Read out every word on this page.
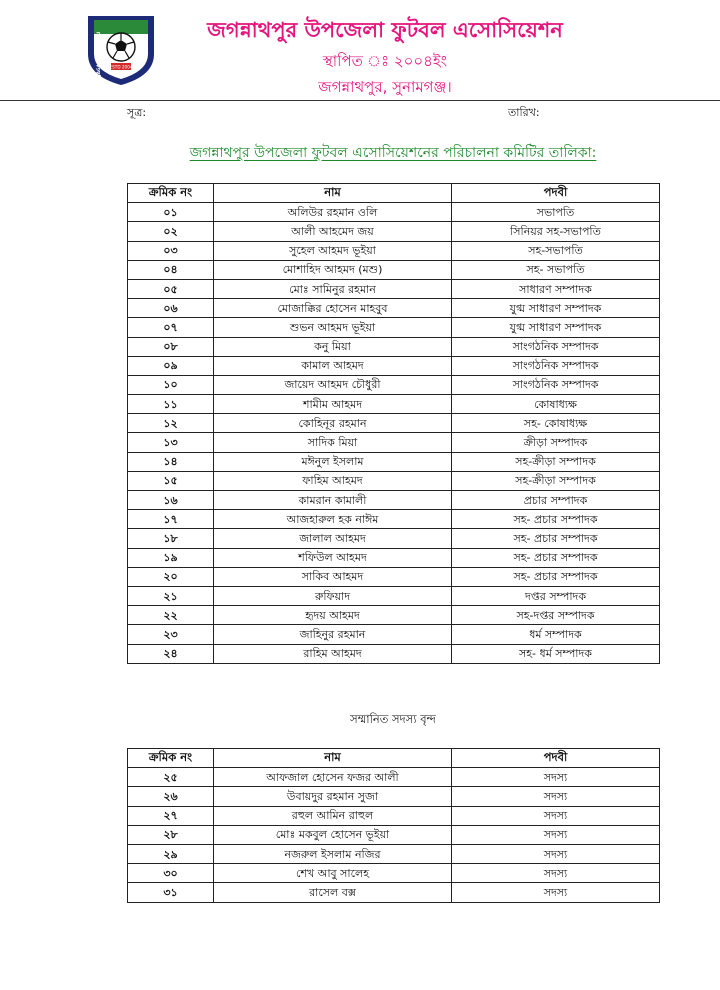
ESTD 2004
JAGANNATHPUR U	জগন্নাথপুর উপজেলা ফুটবল এসোসিয়েশন
স্থাপিত ঃ ২০০৪ইং
জগন্নাথপুর, সুনামগঞ্জ।
সূত্র:	তারিখ:
জগন্নাথপুর উপজেলা ফুটবল এসোসিয়েশনের পরিচালনা কমিটির তালিকা:
ক্রমিক নং	নাম	পদবী
০১	অলিউর রহমান ওলি	সভাপতি
০২	আলী আহমেদ জয়	সিনিয়র সহ-সভাপতি
০৩	সুহেল আহমদ ভূইয়া	সহ-সভাপতি
০৪	মোশাহিদ আহমদ (মশু)	সহ- সভাপতি
০৫	মোঃ সামিনুর রহমান	সাধারণ সম্পাদক
০৬	মোজাক্কির হোসেন মাহবুব	যুগ্ম সাধারণ সম্পাদক
০৭	শুভন আহমদ ভূইয়া	যুগ্ম সাধারণ সম্পাদক
০৮	কনু মিয়া	সাংগঠনিক সম্পাদক
০৯	কামাল আহমদ	সাংগঠনিক সম্পাদক
১০	জায়েদ আহমদ চৌধুরী	সাংগঠনিক সম্পাদক
১১	শামীম আহমদ	কোষাধ্যক্ষ
১২	কোহিনূর রহমান	সহ- কোষাধ্যক্ষ
১৩	সাদিক মিয়া	ক্রীড়া সম্পাদক
১৪	মঈনুল ইসলাম	সহ-ক্রীড়া সম্পাদক
১৫	ফাহিম আহমদ	সহ-ক্রীড়া সম্পাদক
১৬	কামরান কামালী	প্রচার সম্পাদক
১৭	আজহারুল হক নাঈম	সহ- প্রচার সম্পাদক
১৮	জালাল আহমদ	সহ- প্রচার সম্পাদক
১৯	শফিউল আহমদ	সহ- প্রচার সম্পাদক
২০	সাকিব আহমদ	সহ- প্রচার সম্পাদক
২১	রুফিয়াদ	দপ্তর সম্পাদক
২২	হৃদয় আহমদ	সহ-দপ্তর সম্পাদক
২৩	জাহিনুর রহমান	ধর্ম সম্পাদক
২৪	রাহিম আহমদ	সহ- ধর্ম সম্পাদক
সম্মানিত সদস্য বৃন্দ
ক্রমিক নং	নাম	পদবী
২৫	আফজাল হোসেন ফজর আলী	সদস্য
২৬	উবায়দুর রহমান সুজা	সদস্য
২৭	রহুল আমিন রাহুল	সদস্য
২৮	মোঃ মকবুল হোসেন ভূইয়া	সদস্য
২৯	নজরুল ইসলাম নজির	সদস্য
৩০	শেখ আবু সালেহ	সদস্য
৩১	রাসেল বক্স	সদস্য
